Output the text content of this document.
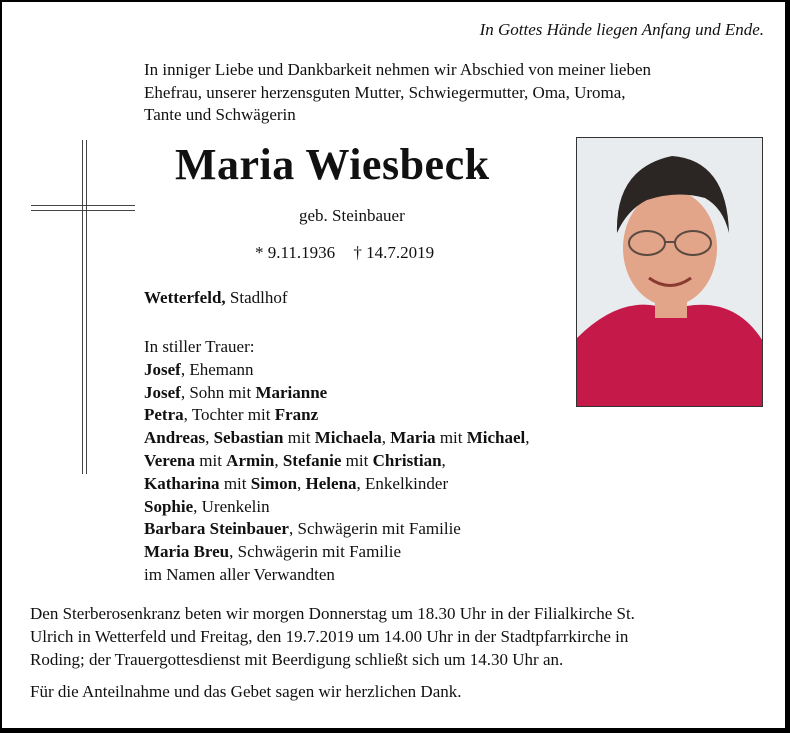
In Gottes Hände liegen Anfang und Ende.
In inniger Liebe und Dankbarkeit nehmen wir Abschied von meiner lieben
Ehefrau, unserer herzensguten Mutter, Schwiegermutter, Oma, Uroma,
Tante und Schwägerin
Maria Wiesbeck
geb. Steinbauer
* 9.11.1936 † 14.7.2019
Wetterfeld, Stadlhof
In stiller Trauer:
Josef, Ehemann
Josef, Sohn mit Marianne
Petra, Tochter mit Franz
Andreas, Sebastian mit Michaela, Maria mit Michael,
Verena mit Armin, Stefanie mit Christian,
Katharina mit Simon, Helena, Enkelkinder
Sophie, Urenkelin
Barbara Steinbauer, Schwägerin mit Familie
Maria Breu, Schwägerin mit Familie
im Namen aller Verwandten
Den Sterberosenkranz beten wir morgen Donnerstag um 18.30 Uhr in der Filialkirche St.
Ulrich in Wetterfeld und Freitag, den 19.7.2019 um 14.00 Uhr in der Stadtpfarrkirche in
Roding; der Trauergottesdienst mit Beerdigung schließt sich um 14.30 Uhr an.
Für die Anteilnahme und das Gebet sagen wir herzlichen Dank.
